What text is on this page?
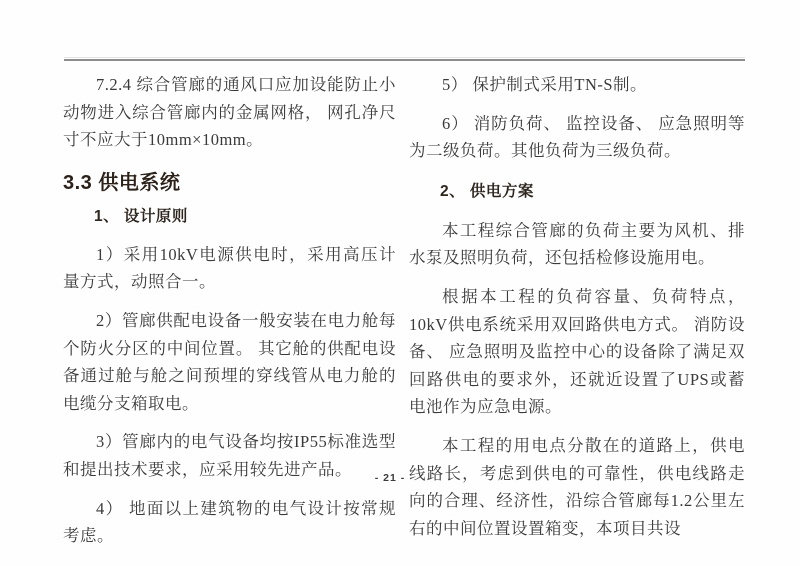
7.2.4 综合管廊的通风口应加设能防止小动物进入综合管廊内的金属网格， 网孔净尺寸不应大于10mm×10mm。

3.3 供电系统
1、 设计原则

1）采用10kV电源供电时，采用高压计量方式，动照合一。

2）管廊供配电设备一般安装在电力舱每个防火分区的中间位置。 其它舱的供配电设备通过舱与舱之间预埋的穿线管从电力舱的电缆分支箱取电。

3）管廊内的电气设备均按IP55标准选型和提出技术要求，应采用较先进产品。

4） 地面以上建筑物的电气设计按常规考虑。

5） 保护制式采用TN-S制。

6） 消防负荷、 监控设备、 应急照明等为二级负荷。其他负荷为三级负荷。

2、 供电方案

本工程综合管廊的负荷主要为风机、排水泵及照明负荷，还包括检修设施用电。

根据本工程的负荷容量、负荷特点，10kV供电系统采用双回路供电方式。 消防设备、 应急照明及监控中心的设备除了满足双回路供电的要求外，还就近设置了UPS或蓄电池作为应急电源。

本工程的用电点分散在的道路上，供电线路长，考虑到供电的可靠性，供电线路走向的合理、经济性，沿综合管廊每1.2公里左右的中间位置设置箱变，本项目共设

- 21 -
